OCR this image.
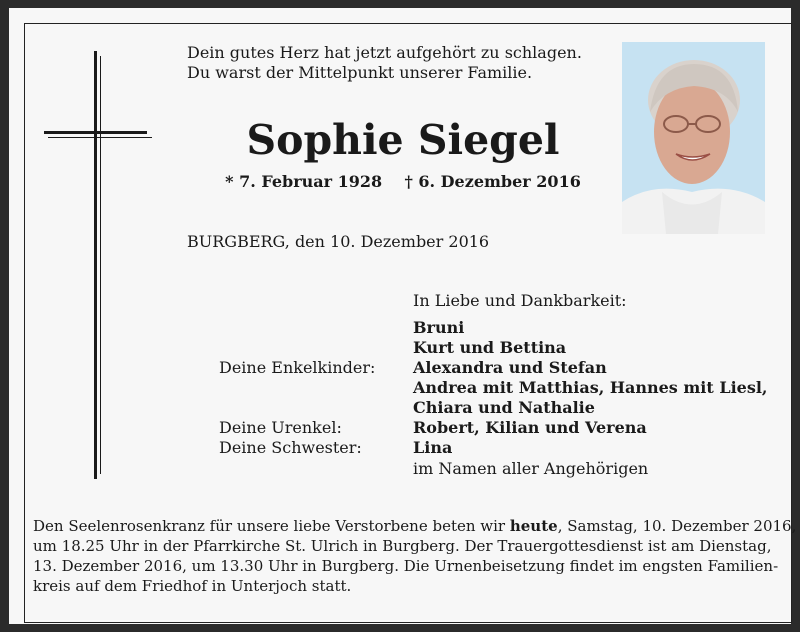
Dein gutes Herz hat jetzt aufgehört zu schlagen.
Du warst der Mittelpunkt unserer Familie.
Sophie Siegel
* 7. Februar 1928 † 6. Dezember 2016
BURGBERG, den 10. Dezember 2016
In Liebe und Dankbarkeit:
Bruni
Kurt und Bettina
Deine Enkelkinder: Alexandra und Stefan
Andrea mit Matthias, Hannes mit Liesl,
Chiara und Nathalie
Deine Urenkel:	Robert, Kilian und Verena
Deine Schwester:	Lina
im Namen aller Angehörigen
Den Seelenrosenkranz für unsere liebe Verstorbene beten wir heute, Samstag, 10. Dezember 2016,
um 18.25 Uhr in der Pfarrkirche St. Ulrich in Burgberg. Der Trauergottesdienst ist am Dienstag,
13. Dezember 2016, um 13.30 Uhr in Burgberg. Die Urnenbeisetzung findet im engsten Familien-
kreis auf dem Friedhof in Unterjoch statt.
